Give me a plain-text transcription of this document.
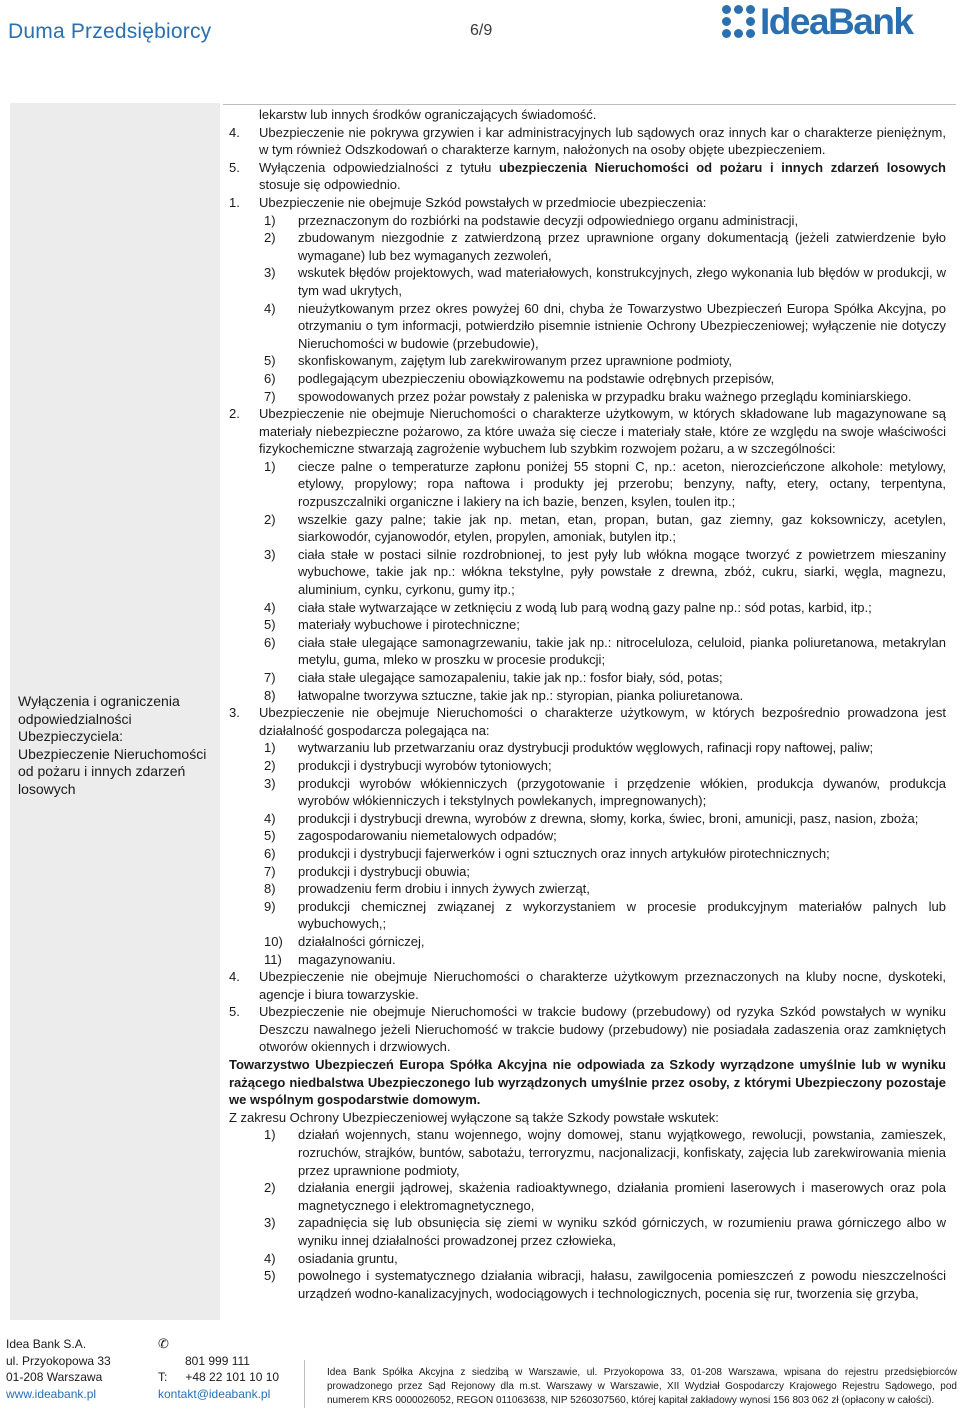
Duma Przedsiębiorcy	6/9	IdeaBank
Wyłączenia i ograniczenia odpowiedzialności Ubezpieczyciela: Ubezpieczenie Nieruchomości od pożaru i innych zdarzeń losowych

lekarstw lub innych środków ograniczających świadomość.

4. Ubezpieczenie nie pokrywa grzywien i kar administracyjnych lub sądowych oraz innych kar o charakterze pieniężnym, w tym również Odszkodowań o charakterze karnym, nałożonych na osoby objęte ubezpieczeniem.
5. Wyłączenia odpowiedzialności z tytułu ubezpieczenia Nieruchomości od pożaru i innych zdarzeń losowych stosuje się odpowiednio.
1. Ubezpieczenie nie obejmuje Szkód powstałych w przedmiocie ubezpieczenia:
1) przeznaczonym do rozbiórki na podstawie decyzji odpowiedniego organu administracji,
2) zbudowanym niezgodnie z zatwierdzoną przez uprawnione organy dokumentacją (jeżeli zatwierdzenie było wymagane) lub bez wymaganych zezwoleń,
3) wskutek błędów projektowych, wad materiałowych, konstrukcyjnych, złego wykonania lub błędów w produkcji, w tym wad ukrytych,
4) nieużytkowanym przez okres powyżej 60 dni, chyba że Towarzystwo Ubezpieczeń Europa Spółka Akcyjna, po otrzymaniu o tym informacji, potwierdziło pisemnie istnienie Ochrony Ubezpieczeniowej; wyłączenie nie dotyczy Nieruchomości w budowie (przebudowie),
5) skonfiskowanym, zajętym lub zarekwirowanym przez uprawnione podmioty,
6) podlegającym ubezpieczeniu obowiązkowemu na podstawie odrębnych przepisów,
7) spowodowanych przez pożar powstały z paleniska w przypadku braku ważnego przeglądu kominiarskiego.
2. Ubezpieczenie nie obejmuje Nieruchomości o charakterze użytkowym, w których składowane lub magazynowane są materiały niebezpieczne pożarowo, za które uważa się ciecze i materiały stałe, które ze względu na swoje właściwości fizykochemiczne stwarzają zagrożenie wybuchem lub szybkim rozwojem pożaru, a w szczególności:
1) ciecze palne o temperaturze zapłonu poniżej 55 stopni C, np.: aceton, nierozcieńczone alkohole: metylowy, etylowy, propylowy; ropa naftowa i produkty jej przerobu; benzyny, nafty, etery, octany, terpentyna, rozpuszczalniki organiczne i lakiery na ich bazie, benzen, ksylen, toulen itp.;
2) wszelkie gazy palne; takie jak np. metan, etan, propan, butan, gaz ziemny, gaz koksowniczy, acetylen, siarkowodór, cyjanowodór, etylen, propylen, amoniak, butylen itp.;
3) ciała stałe w postaci silnie rozdrobnionej, to jest pyły lub włókna mogące tworzyć z powietrzem mieszaniny wybuchowe, takie jak np.: włókna tekstylne, pyły powstałe z drewna, zbóż, cukru, siarki, węgla, magnezu, aluminium, cynku, cyrkonu, gumy itp.;
4) ciała stałe wytwarzające w zetknięciu z wodą lub parą wodną gazy palne np.: sód potas, karbid, itp.;
5) materiały wybuchowe i pirotechniczne;
6) ciała stałe ulegające samonagrzewaniu, takie jak np.: nitroceluloza, celuloid, pianka poliuretanowa, metakrylan metylu, guma, mleko w proszku w procesie produkcji;
7) ciała stałe ulegające samozapaleniu, takie jak np.: fosfor biały, sód, potas;
8) łatwopalne tworzywa sztuczne, takie jak np.: styropian, pianka poliuretanowa.
3. Ubezpieczenie nie obejmuje Nieruchomości o charakterze użytkowym, w których bezpośrednio prowadzona jest działalność gospodarcza polegająca na:
1) wytwarzaniu lub przetwarzaniu oraz dystrybucji produktów węglowych, rafinacji ropy naftowej, paliw;
2) produkcji i dystrybucji wyrobów tytoniowych;
3) produkcji wyrobów włókienniczych (przygotowanie i przędzenie włókien, produkcja dywanów, produkcja wyrobów włókienniczych i tekstylnych powlekanych, impregnowanych);
4) produkcji i dystrybucji drewna, wyrobów z drewna, słomy, korka, świec, broni, amunicji, pasz, nasion, zboża;
5) zagospodarowaniu niemetalowych odpadów;
6) produkcji i dystrybucji fajerwerków i ogni sztucznych oraz innych artykułów pirotechnicznych;
7) produkcji i dystrybucji obuwia;
8) prowadzeniu ferm drobiu i innych żywych zwierząt,
9) produkcji chemicznej związanej z wykorzystaniem w procesie produkcyjnym materiałów palnych lub wybuchowych,;
10) działalności górniczej,
11) magazynowaniu.
4. Ubezpieczenie nie obejmuje Nieruchomości o charakterze użytkowym przeznaczonych na kluby nocne, dyskoteki, agencje i biura towarzyskie.
5. Ubezpieczenie nie obejmuje Nieruchomości w trakcie budowy (przebudowy) od ryzyka Szkód powstałych w wyniku Deszczu nawalnego jeżeli Nieruchomość w trakcie budowy (przebudowy) nie posiadała zadaszenia oraz zamkniętych otworów okiennych i drzwiowych.

Towarzystwo Ubezpieczeń Europa Spółka Akcyjna nie odpowiada za Szkody wyrządzone umyślnie lub w wyniku rażącego niedbalstwa Ubezpieczonego lub wyrządzonych umyślnie przez osoby, z którymi Ubezpieczony pozostaje we wspólnym gospodarstwie domowym.

Z zakresu Ochrony Ubezpieczeniowej wyłączone są także Szkody powstałe wskutek:

1) działań wojennych, stanu wojennego, wojny domowej, stanu wyjątkowego, rewolucji, powstania, zamieszek, rozruchów, strajków, buntów, sabotażu, terroryzmu, nacjonalizacji, konfiskaty, zajęcia lub zarekwirowania mienia przez uprawnione podmioty,
2) działania energii jądrowej, skażenia radioaktywnego, działania promieni laserowych i maserowych oraz pola magnetycznego i elektromagnetycznego,
3) zapadnięcia się lub obsunięcia się ziemi w wyniku szkód górniczych, w rozumieniu prawa górniczego albo w wyniku innej działalności prowadzonej przez człowieka,
4) osiadania gruntu,
5) powolnego i systematycznego działania wibracji, hałasu, zawilgocenia pomieszczeń z powodu nieszczelności urządzeń wodno-kanalizacyjnych, wodociągowych i technologicznych, pocenia się rur, tworzenia się grzyba,
Idea Bank S.A.
ul. Przyokopowa 33
01-208 Warszawa
www.ideabank.pl
✆
801 999 111
T: +48 22 101 10 10
kontakt@ideabank.pl
Idea Bank Spółka Akcyjna z siedzibą w Warszawie, ul. Przyokopowa 33, 01-208 Warszawa, wpisana do rejestru przedsiębiorców prowadzonego przez Sąd Rejonowy dla m.st. Warszawy w Warszawie, XII Wydział Gospodarczy Krajowego Rejestru Sądowego, pod numerem KRS 0000026052, REGON 011063638, NIP 5260307560, której kapitał zakładowy wynosi 156 803 062 zł (opłacony w całości).
